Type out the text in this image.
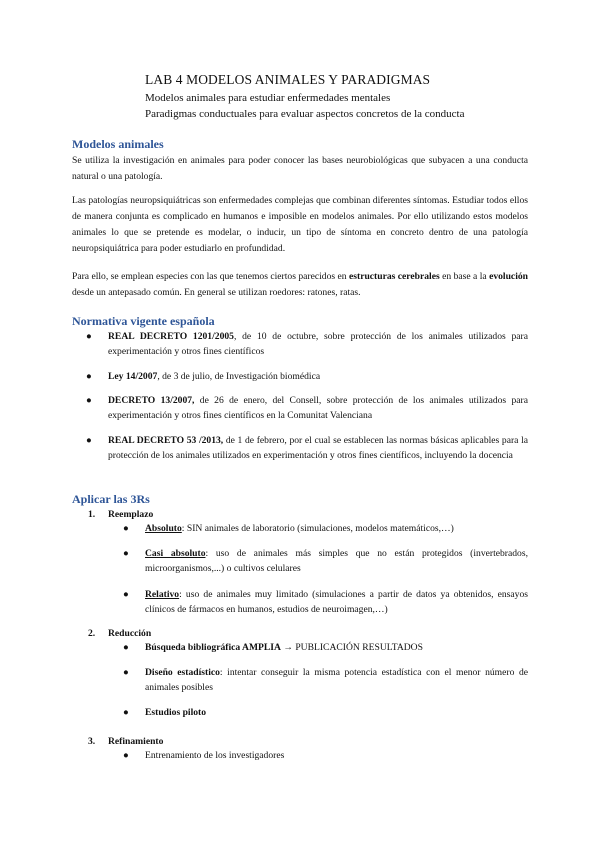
LAB 4 MODELOS ANIMALES Y PARADIGMAS
Modelos animales para estudiar enfermedades mentales
Paradigmas conductuales para evaluar aspectos concretos de la conducta
Modelos animales

Se utiliza la investigación en animales para poder conocer las bases neurobiológicas que subyacen a una conducta natural o una patología.

Las patologías neuropsiquiátricas son enfermedades complejas que combinan diferentes síntomas. Estudiar todos ellos de manera conjunta es complicado en humanos e imposible en modelos animales. Por ello utilizando estos modelos animales lo que se pretende es modelar, o inducir, un tipo de síntoma en concreto dentro de una patología neuropsiquiátrica para poder estudiarlo en profundidad.

Para ello, se emplean especies con las que tenemos ciertos parecidos en estructuras cerebrales en base a la evolución desde un antepasado común. En general se utilizan roedores: ratones, ratas.

Normativa vigente española
● REAL DECRETO 1201/2005, de 10 de octubre, sobre protección de los animales utilizados para experimentación y otros fines científicos
● Ley 14/2007, de 3 de julio, de Investigación biomédica
● DECRETO 13/2007, de 26 de enero, del Consell, sobre protección de los animales utilizados para experimentación y otros fines científicos en la Comunitat Valenciana
● REAL DECRETO 53 /2013, de 1 de febrero, por el cual se establecen las normas básicas aplicables para la protección de los animales utilizados en experimentación y otros fines científicos, incluyendo la docencia
Aplicar las 3Rs
1. Reemplazo
● Absoluto: SIN animales de laboratorio (simulaciones, modelos matemáticos,…)
● Casi absoluto: uso de animales más simples que no están protegidos (invertebrados, microorganismos,...) o cultivos celulares
● Relativo: uso de animales muy limitado (simulaciones a partir de datos ya obtenidos, ensayos clínicos de fármacos en humanos, estudios de neuroimagen,…)
2. Reducción
● Búsqueda bibliográfica AMPLIA → PUBLICACIÓN RESULTADOS
● Diseño estadístico: intentar conseguir la misma potencia estadística con el menor número de animales posibles
● Estudios piloto
3. Refinamiento
● Entrenamiento de los investigadores
